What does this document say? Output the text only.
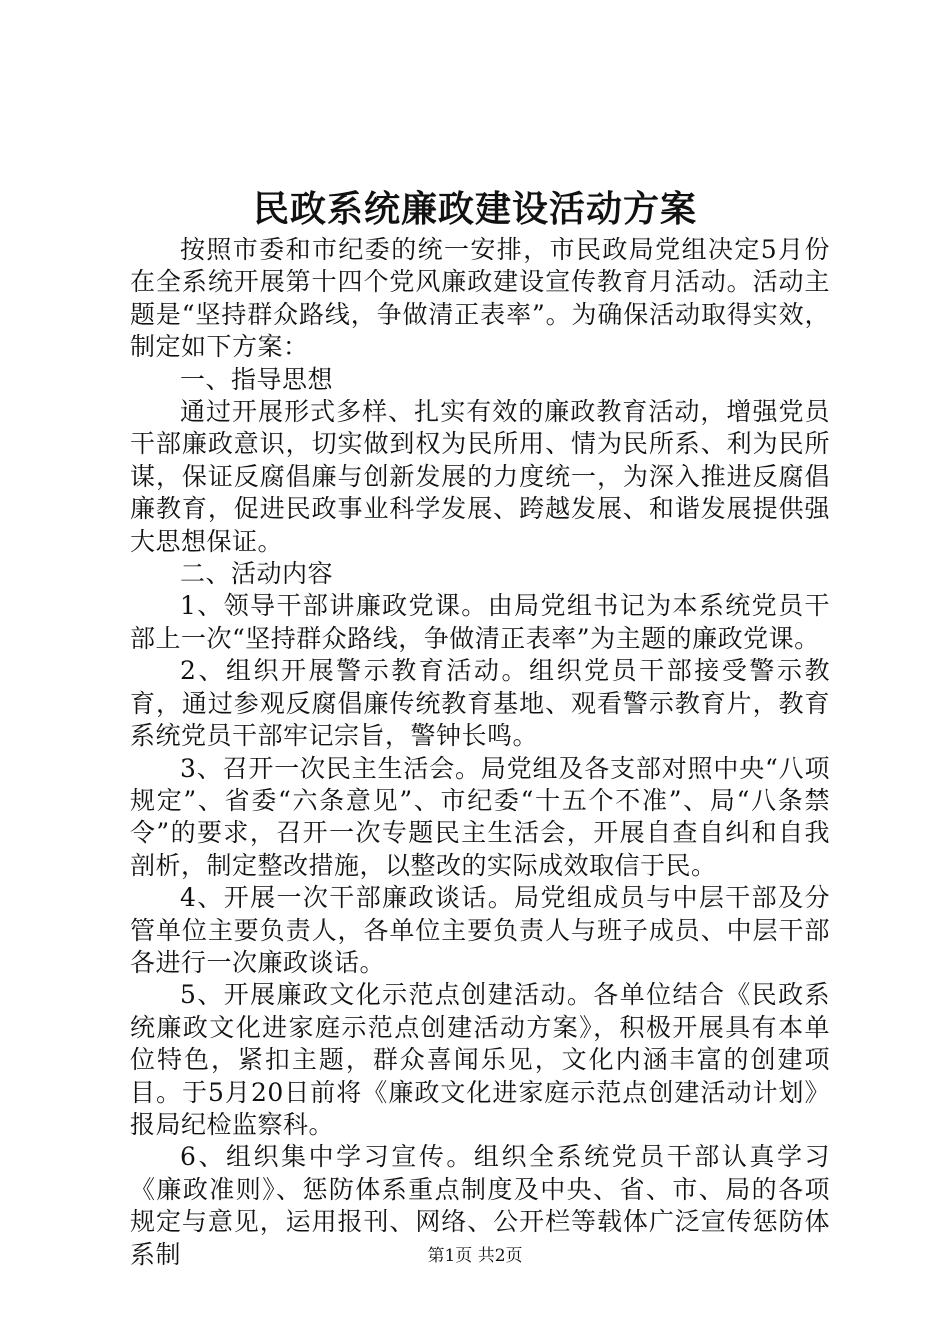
民政系统廉政建设活动方案

按照市委和市纪委的统一安排，市民政局党组决定5月份在全系统开展第十四个党风廉政建设宣传教育月活动。活动主题是“坚持群众路线，争做清正表率”。为确保活动取得实效，制定如下方案：

一、指导思想

通过开展形式多样、扎实有效的廉政教育活动，增强党员干部廉政意识，切实做到权为民所用、情为民所系、利为民所谋，保证反腐倡廉与创新发展的力度统一，为深入推进反腐倡廉教育，促进民政事业科学发展、跨越发展、和谐发展提供强大思想保证。

二、活动内容

1、领导干部讲廉政党课。由局党组书记为本系统党员干部上一次“坚持群众路线，争做清正表率”为主题的廉政党课。

2、组织开展警示教育活动。组织党员干部接受警示教育，通过参观反腐倡廉传统教育基地、观看警示教育片，教育系统党员干部牢记宗旨，警钟长鸣。

3、召开一次民主生活会。局党组及各支部对照中央“八项规定”、省委“六条意见”、市纪委“十五个不准”、局“八条禁令”的要求，召开一次专题民主生活会，开展自查自纠和自我剖析，制定整改措施，以整改的实际成效取信于民。

4、开展一次干部廉政谈话。局党组成员与中层干部及分管单位主要负责人，各单位主要负责人与班子成员、中层干部各进行一次廉政谈话。

5、开展廉政文化示范点创建活动。各单位结合《民政系统廉政文化进家庭示范点创建活动方案》，积极开展具有本单位特色，紧扣主题，群众喜闻乐见，文化内涵丰富的创建项目。于5月20日前将《廉政文化进家庭示范点创建活动计划》报局纪检监察科。

6、组织集中学习宣传。组织全系统党员干部认真学习《廉政准则》、惩防体系重点制度及中央、省、市、局的各项规定与意见，运用报刊、网络、公开栏等载体广泛宣传惩防体系制	第1页 共2页
